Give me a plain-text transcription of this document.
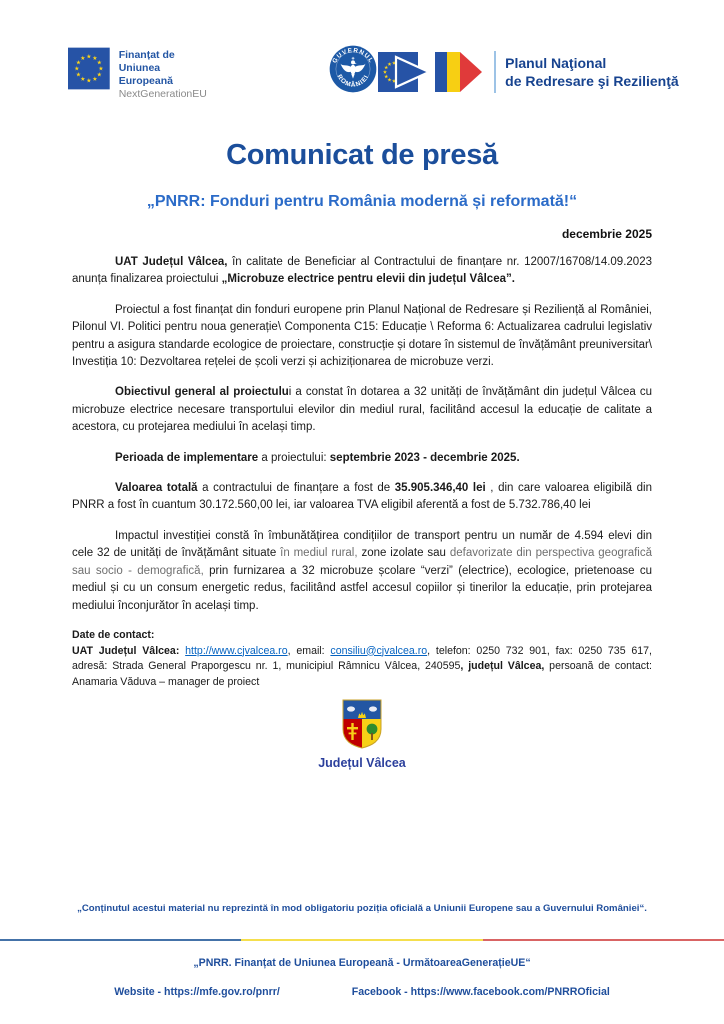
Finanțat de
Uniunea Europeană
NextGenerationEU
GUVERNUL
ROMÂNIEI
Planul Naţional
de Redresare şi Rezilienţă
Comunicat de presă
„PNRR: Fonduri pentru România modernă și reformată!“
decembrie 2025

UAT Județul Vâlcea, în calitate de Beneficiar al Contractului de finanțare nr. 12007/16708/14.09.2023 anunța finalizarea proiectului „Microbuze electrice pentru elevii din județul Vâlcea”.

Proiectul a fost finanțat din fonduri europene prin Planul Național de Redresare și Reziliență al României, Pilonul VI. Politici pentru noua generație\ Componenta C15: Educație \ Reforma 6: Actualizarea cadrului legislativ pentru a asigura standarde ecologice de proiectare, construcție și dotare în sistemul de învățământ preuniversitar\ Investiția 10: Dezvoltarea rețelei de școli verzi și achiziționarea de microbuze verzi.

Obiectivul general al proiectului a constat în dotarea a 32 unități de învățământ din județul Vâlcea cu microbuze electrice necesare transportului elevilor din mediul rural, facilitând accesul la educație de calitate a acestora, cu protejarea mediului în același timp.

Perioada de implementare a proiectului: septembrie 2023 - decembrie 2025.

Valoarea totală a contractului de finanțare a fost de 35.905.346,40 lei , din care valoarea eligibilă din PNRR a fost în cuantum 30.172.560,00 lei, iar valoarea TVA eligibil aferentă a fost de 5.732.786,40 lei

Impactul investiției constă în îmbunătățirea condițiilor de transport pentru un număr de 4.594 elevi din cele 32 de unități de învățământ situate în mediul rural, zone izolate sau defavorizate din perspectiva geografică sau socio - demografică, prin furnizarea a 32 microbuze școlare “verzi” (electrice), ecologice, prietenoase cu mediul și cu un consum energetic redus, facilitând astfel accesul copiilor și tinerilor la educație, prin protejarea mediului înconjurător în același timp.

Date de contact:
UAT Județul Vâlcea: http://www.cjvalcea.ro, email: consiliu@cjvalcea.ro, telefon: 0250 732 901, fax: 0250 735 617, adresă: Strada General Praporgescu nr. 1, municipiul Râmnicu Vâlcea, 240595, județul Vâlcea, persoană de contact: Anamaria Văduva – manager de proiect
Județul Vâlcea
„Conținutul acestui material nu reprezintă în mod obligatoriu poziția oficială a Uniunii Europene sau a Guvernului României“.
„PNRR. Finanțat de Uniunea Europeană - UrmătoareaGenerațieUE“
Website - https://mfe.gov.ro/pnrr/	Facebook - https://www.facebook.com/PNRROficial
